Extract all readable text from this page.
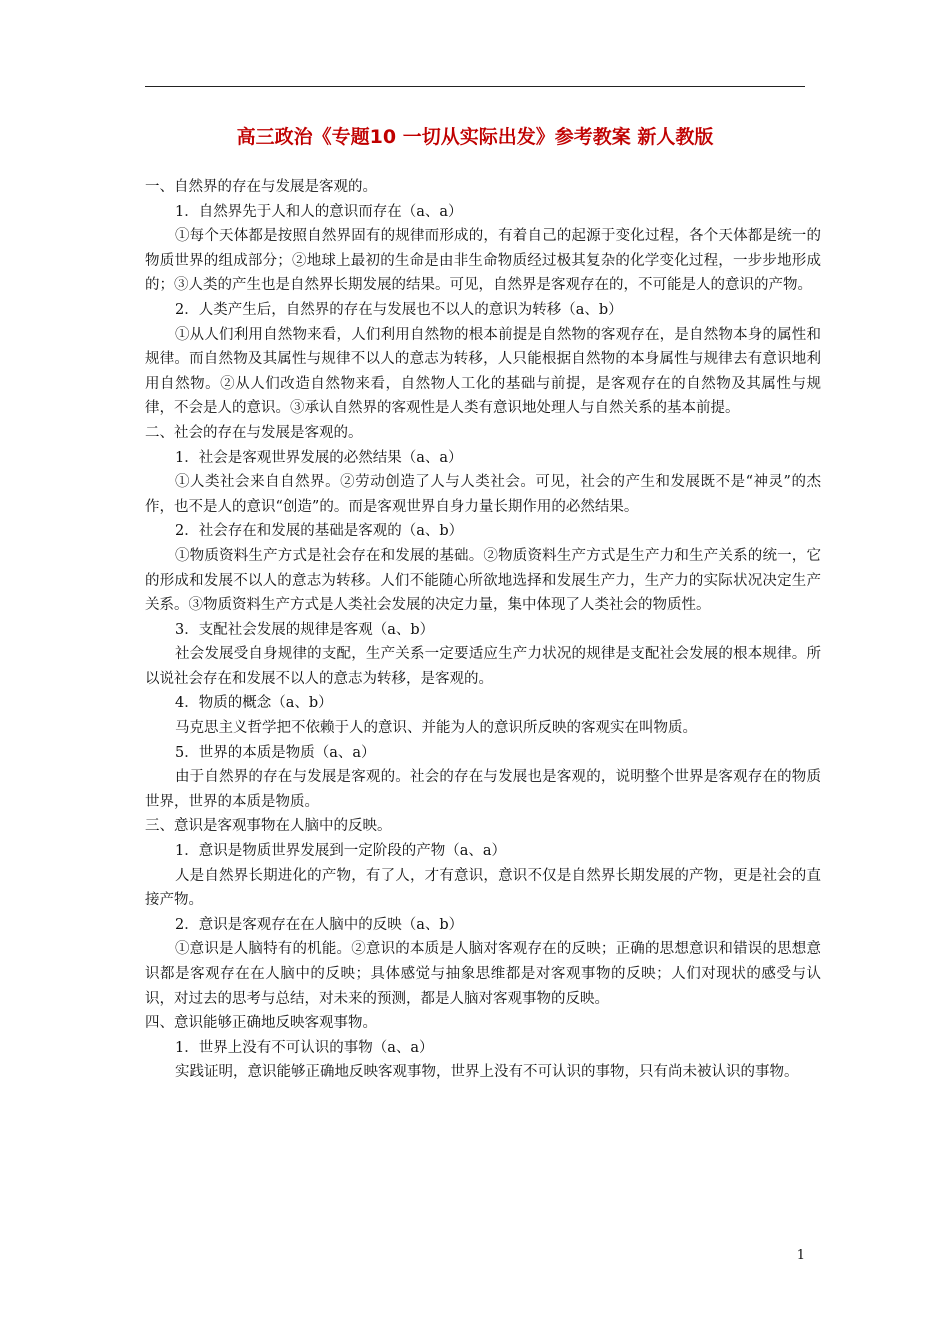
高三政治《专题10 一切从实际出发》参考教案 新人教版

一、自然界的存在与发展是客观的。

1．自然界先于人和人的意识而存在（a、a）

①每个天体都是按照自然界固有的规律而形成的，有着自己的起源于变化过程，各个天体都是统一的物质世界的组成部分；②地球上最初的生命是由非生命物质经过极其复杂的化学变化过程，一步步地形成的；③人类的产生也是自然界长期发展的结果。可见，自然界是客观存在的，不可能是人的意识的产物。

2．人类产生后，自然界的存在与发展也不以人的意识为转移（a、b）

①从人们利用自然物来看，人们利用自然物的根本前提是自然物的客观存在，是自然物本身的属性和规律。而自然物及其属性与规律不以人的意志为转移，人只能根据自然物的本身属性与规律去有意识地利用自然物。②从人们改造自然物来看，自然物人工化的基础与前提，是客观存在的自然物及其属性与规律，不会是人的意识。③承认自然界的客观性是人类有意识地处理人与自然关系的基本前提。

二、社会的存在与发展是客观的。

1．社会是客观世界发展的必然结果（a、a）

①人类社会来自自然界。②劳动创造了人与人类社会。可见，社会的产生和发展既不是“神灵”的杰作，也不是人的意识“创造”的。而是客观世界自身力量长期作用的必然结果。

2．社会存在和发展的基础是客观的（a、b）

①物质资料生产方式是社会存在和发展的基础。②物质资料生产方式是生产力和生产关系的统一，它的形成和发展不以人的意志为转移。人们不能随心所欲地选择和发展生产力，生产力的实际状况决定生产关系。③物质资料生产方式是人类社会发展的决定力量，集中体现了人类社会的物质性。

3．支配社会发展的规律是客观（a、b）

社会发展受自身规律的支配，生产关系一定要适应生产力状况的规律是支配社会发展的根本规律。所以说社会存在和发展不以人的意志为转移，是客观的。

4．物质的概念（a、b）

马克思主义哲学把不依赖于人的意识、并能为人的意识所反映的客观实在叫物质。

5．世界的本质是物质（a、a）

由于自然界的存在与发展是客观的。社会的存在与发展也是客观的，说明整个世界是客观存在的物质世界，世界的本质是物质。

三、意识是客观事物在人脑中的反映。

1．意识是物质世界发展到一定阶段的产物（a、a）

人是自然界长期进化的产物，有了人，才有意识，意识不仅是自然界长期发展的产物，更是社会的直接产物。

2．意识是客观存在在人脑中的反映（a、b）

①意识是人脑特有的机能。②意识的本质是人脑对客观存在的反映；正确的思想意识和错误的思想意识都是客观存在在人脑中的反映；具体感觉与抽象思维都是对客观事物的反映；人们对现状的感受与认识，对过去的思考与总结，对未来的预测，都是人脑对客观事物的反映。

四、意识能够正确地反映客观事物。

1．世界上没有不可认识的事物（a、a）

实践证明，意识能够正确地反映客观事物，世界上没有不可认识的事物，只有尚未被认识的事物。

1
